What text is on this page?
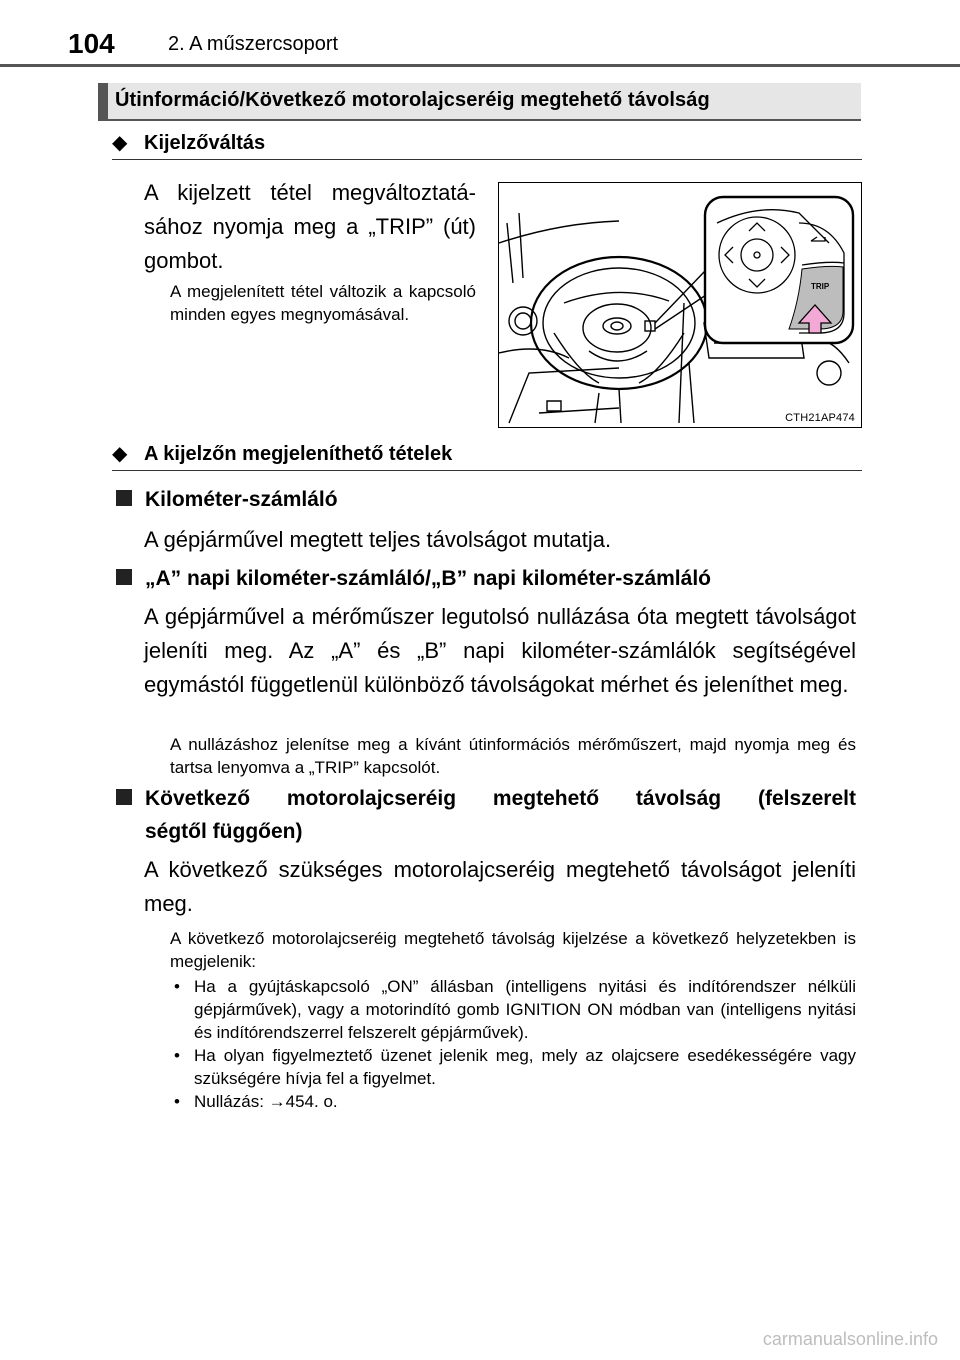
104	2. A műszercsoport
Útinformáció/Következő motorolajcseréig megtehető távolság
◆ Kijelzőváltás
A kijelzett tétel megváltoztatásához nyomja meg a „TRIP” (út) gombot.
A megjelenített tétel változik a kapcsoló minden egyes megnyomásával.
TRIP
CTH21AP474
◆ A kijelzőn megjeleníthető tételek
Kilométer-számláló
A gépjárművel megtett teljes távolságot mutatja.
„A” napi kilométer-számláló/„B” napi kilométer-számláló
A gépjárművel a mérőműszer legutolsó nullázása óta megtett távolságot jeleníti meg. Az „A” és „B” napi kilométer-számlálók segítségével egymástól függetlenül különböző távolságokat mérhet és jeleníthet meg.
A nullázáshoz jelenítse meg a kívánt útinformációs mérőműszert, majd nyomja meg és tartsa lenyomva a „TRIP” kapcsolót.
Következő motorolajcseréig megtehető távolság (felszerelt
ségtől függően)
A következő szükséges motorolajcseréig megtehető távolságot jeleníti meg.
A következő motorolajcseréig megtehető távolság kijelzése a következő helyzetekben is megjelenik:
• Ha a gyújtáskapcsoló „ON” állásban (intelligens nyitási és indítórendszer nélküli gépjárművek), vagy a motorindító gomb IGNITION ON módban van (intelligens nyitási és indítórendszerrel felszerelt gépjárművek).
• Ha olyan figyelmeztető üzenet jelenik meg, mely az olajcsere esedékességére vagy szükségére hívja fel a figyelmet.
• Nullázás: →454. o.
carmanualsonline.info
